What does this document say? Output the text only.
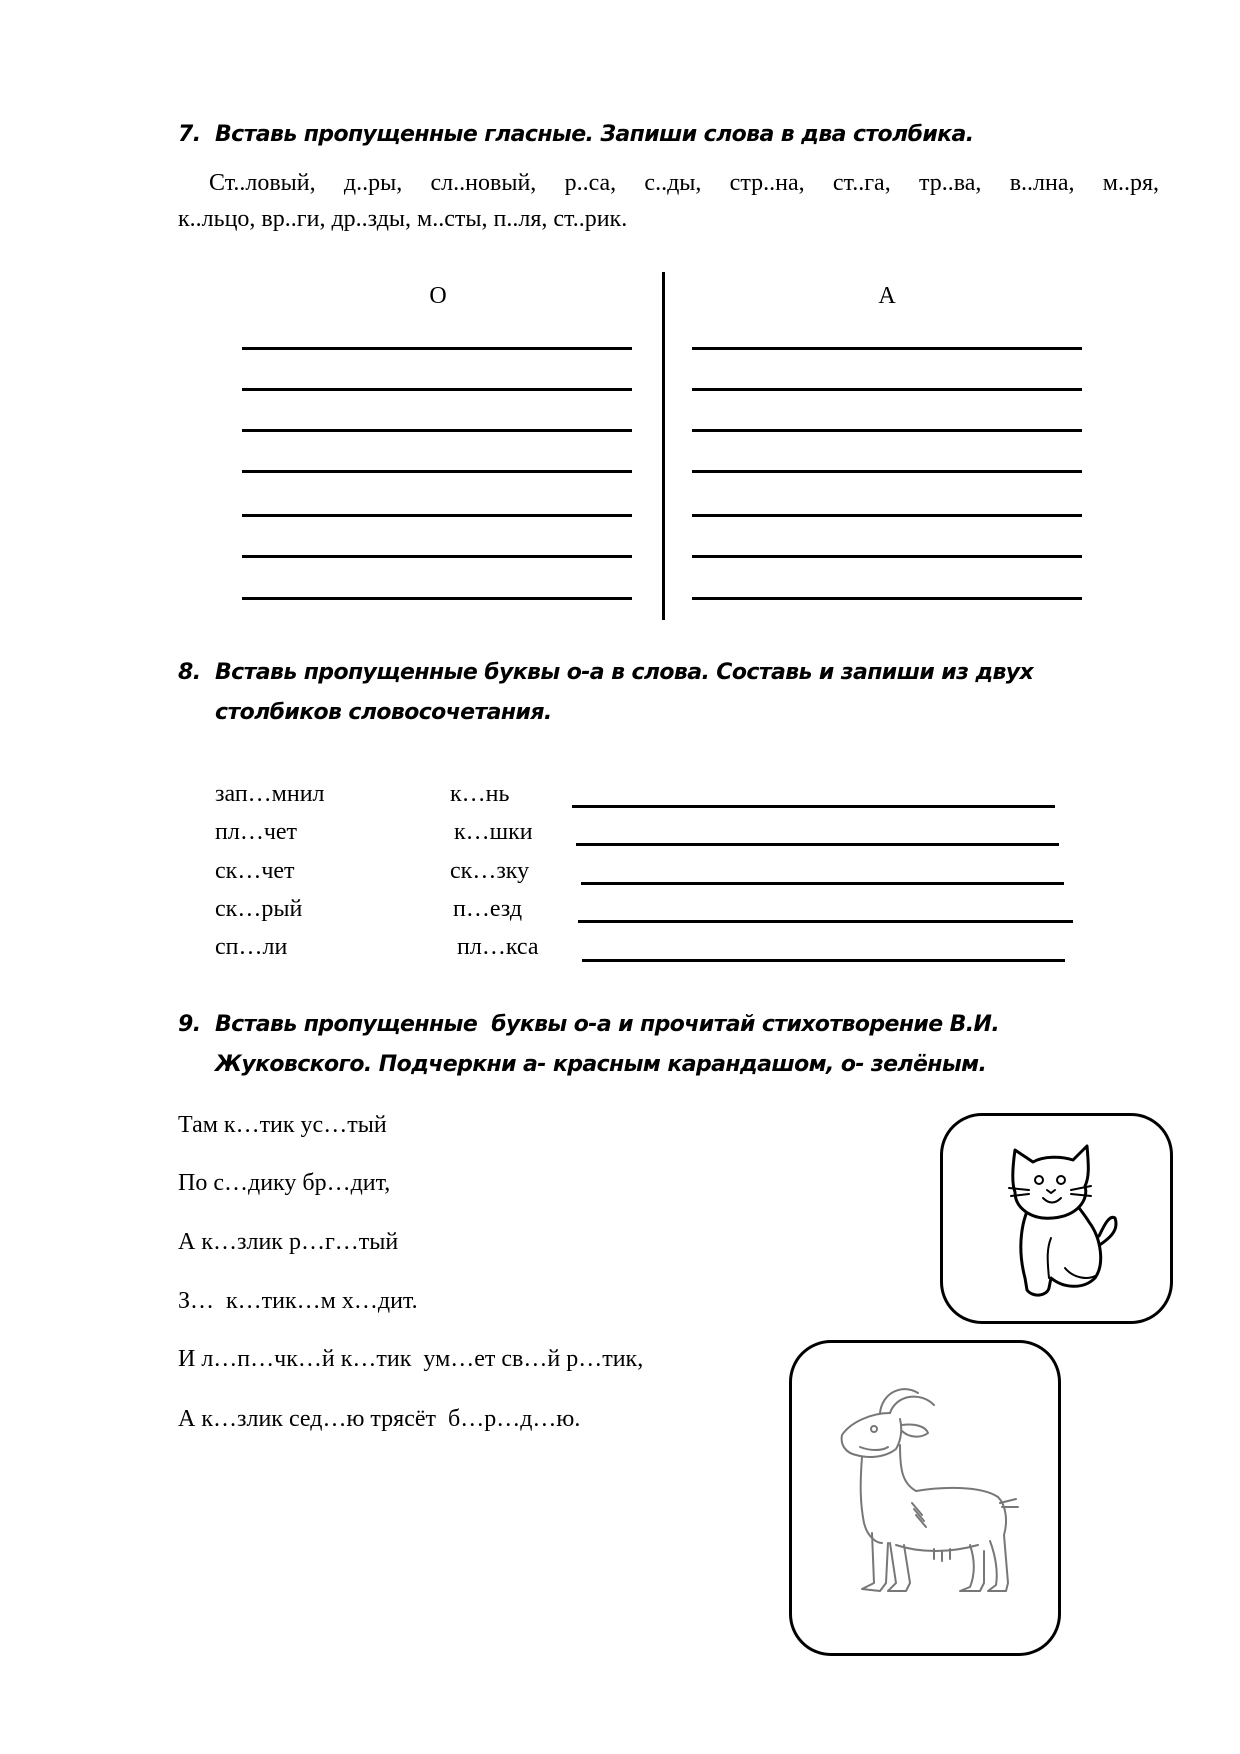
7. Вставь пропущенные гласные. Запиши слова в два столбика.
Ст..ловый, д..ры, сл..новый, р..са, с..ды, стр..на, ст..га, тр..ва, в..лна, м..ря,
к..льцо, вр..ги, др..зды, м..сты, п..ля, ст..рик.
О	А
8. Вставь пропущенные буквы о-а в слова. Составь и запиши из двух
столбиков словосочетания.
зап…мнил	к…нь
пл…чет	к…шки
ск…чет	ск…зку
ск…рый	п…езд
сп…ли	пл…кса
9. Вставь пропущенные  буквы о-а и прочитай стихотворение В.И.
Жуковского. Подчеркни а- красным карандашом, о- зелёным.
Там к…тик ус…тый
По с…дику бр…дит,
А к…злик р…г…тый
З…  к…тик…м х…дит.
И л…п…чк…й к…тик  ум…ет св…й р…тик,
А к…злик сед…ю трясёт  б…р…д…ю.
